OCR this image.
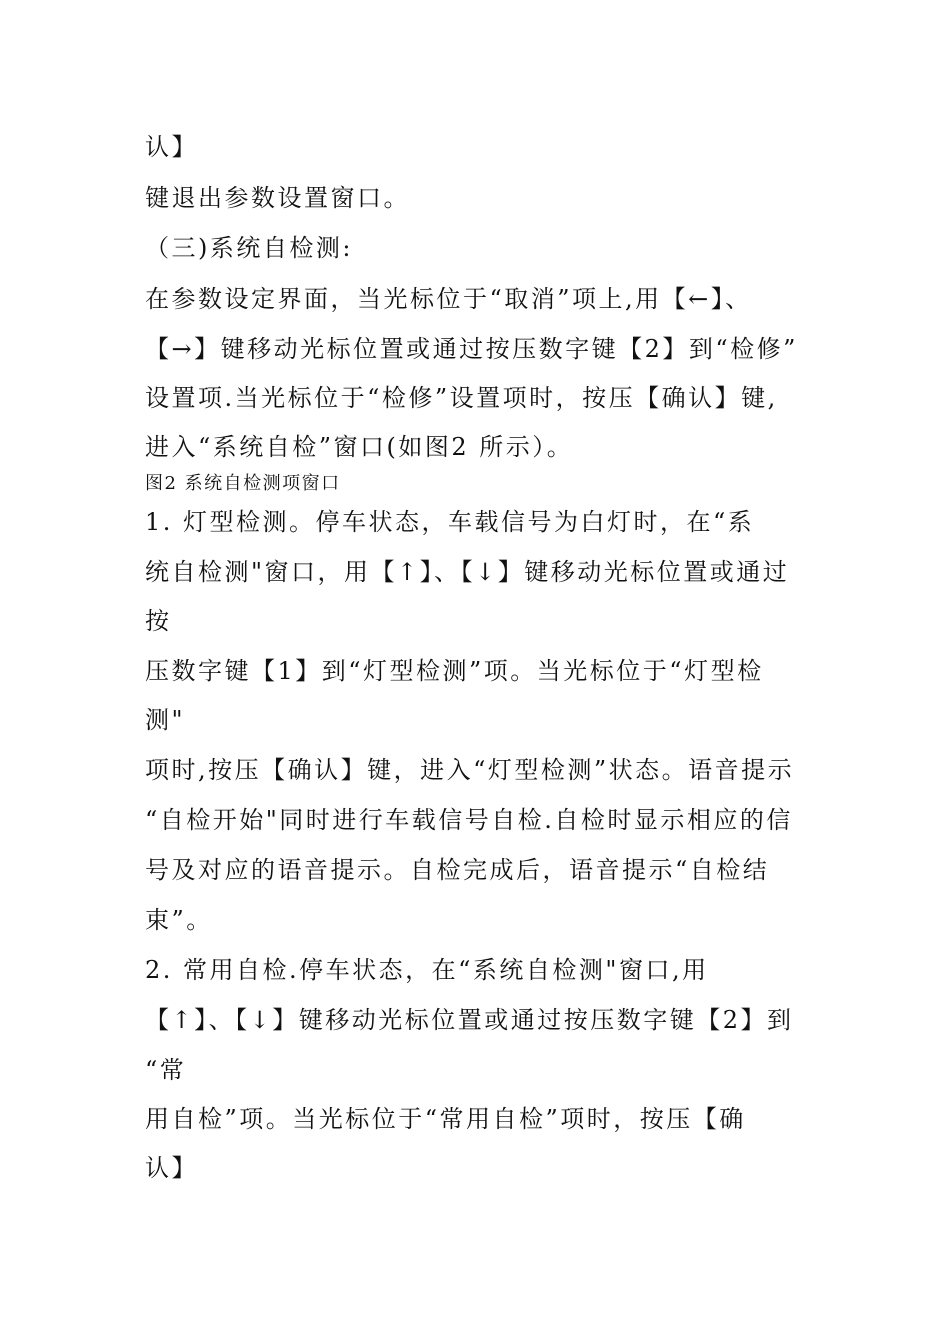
认】
键退出参数设置窗口。
（三)系统自检测:
在参数设定界面，当光标位于“取消”项上,用【←】、
【→】键移动光标位置或通过按压数字键【2】到“检修”
设置项.当光标位于“检修”设置项时，按压【确认】键,
进入“系统自检”窗口(如图2 所示）。
图2 系统自检测项窗口
1. 灯型检测。停车状态，车载信号为白灯时，在“系
统自检测"窗口，用【↑】、【↓】键移动光标位置或通过
按
压数字键【1】到“灯型检测”项。当光标位于“灯型检
测"
项时,按压【确认】键，进入“灯型检测”状态。语音提示
“自检开始"同时进行车载信号自检.自检时显示相应的信
号及对应的语音提示。自检完成后，语音提示“自检结
束”。
2. 常用自检.停车状态，在“系统自检测"窗口,用
【↑】、【↓】键移动光标位置或通过按压数字键【2】到
“常
用自检”项。当光标位于“常用自检”项时，按压【确
认】
